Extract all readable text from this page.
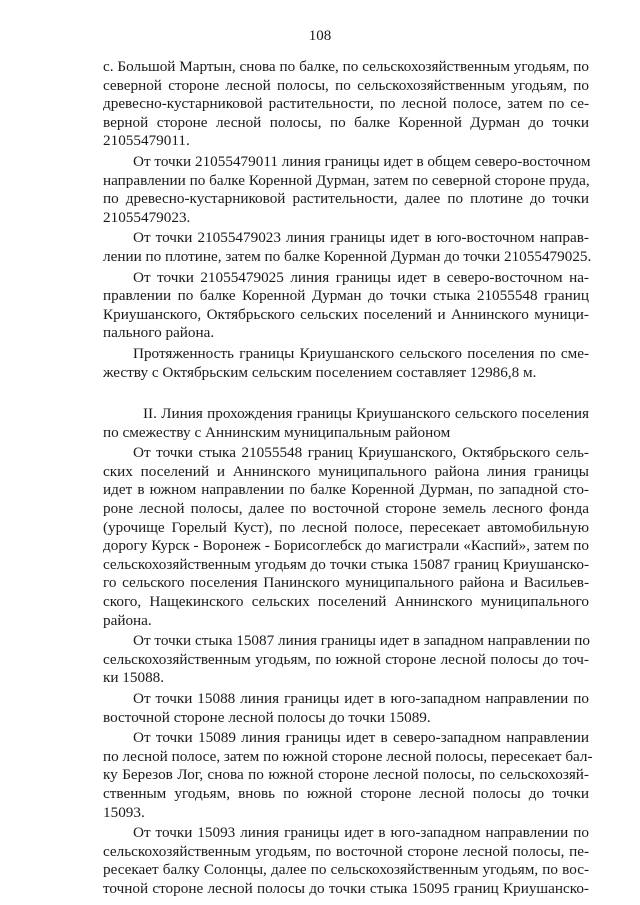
108
с. Большой Мартын, снова по балке, по сельскохозяйственным угодьям, по
северной стороне лесной полосы, по сельскохозяйственным угодьям, по
древесно-кустарниковой растительности, по лесной полосе, затем по се-
верной стороне лесной полосы, по балке Коренной Дурман до точки
21055479011.
От точки 21055479011 линия границы идет в общем северо-восточном
направлении по балке Коренной Дурман, затем по северной стороне пруда,
по древесно-кустарниковой растительности, далее по плотине до точки
21055479023.
От точки 21055479023 линия границы идет в юго-восточном направ-
лении по плотине, затем по балке Коренной Дурман до точки 21055479025.
От точки 21055479025 линия границы идет в северо-восточном на-
правлении по балке Коренной Дурман до точки стыка 21055548 границ
Криушанского, Октябрьского сельских поселений и Аннинского муници-
пального района.
Протяженность границы Криушанского сельского поселения по сме-
жеству с Октябрьским сельским поселением составляет 12986,8 м.
II. Линия прохождения границы Криушанского сельского поселения
по смежеству с Аннинским муниципальным районом
От точки стыка 21055548 границ Криушанского, Октябрьского сель-
ских поселений и Аннинского муниципального района линия границы
идет в южном направлении по балке Коренной Дурман, по западной сто-
роне лесной полосы, далее по восточной стороне земель лесного фонда
(урочище Горелый Куст), по лесной полосе, пересекает автомобильную
дорогу Курск - Воронеж - Борисоглебск до магистрали «Каспий», затем по
сельскохозяйственным угодьям до точки стыка 15087 границ Криушанско-
го сельского поселения Панинского муниципального района и Васильев-
ского, Нащекинского сельских поселений Аннинского муниципального
района.
От точки стыка 15087 линия границы идет в западном направлении по
сельскохозяйственным угодьям, по южной стороне лесной полосы до точ-
ки 15088.
От точки 15088 линия границы идет в юго-западном направлении по
восточной стороне лесной полосы до точки 15089.
От точки 15089 линия границы идет в северо-западном направлении
по лесной полосе, затем по южной стороне лесной полосы, пересекает бал-
ку Березов Лог, снова по южной стороне лесной полосы, по сельскохозяй-
ственным угодьям, вновь по южной стороне лесной полосы до точки
15093.
От точки 15093 линия границы идет в юго-западном направлении по
сельскохозяйственным угодьям, по восточной стороне лесной полосы, пе-
ресекает балку Солонцы, далее по сельскохозяйственным угодьям, по вос-
точной стороне лесной полосы до точки стыка 15095 границ Криушанско-
